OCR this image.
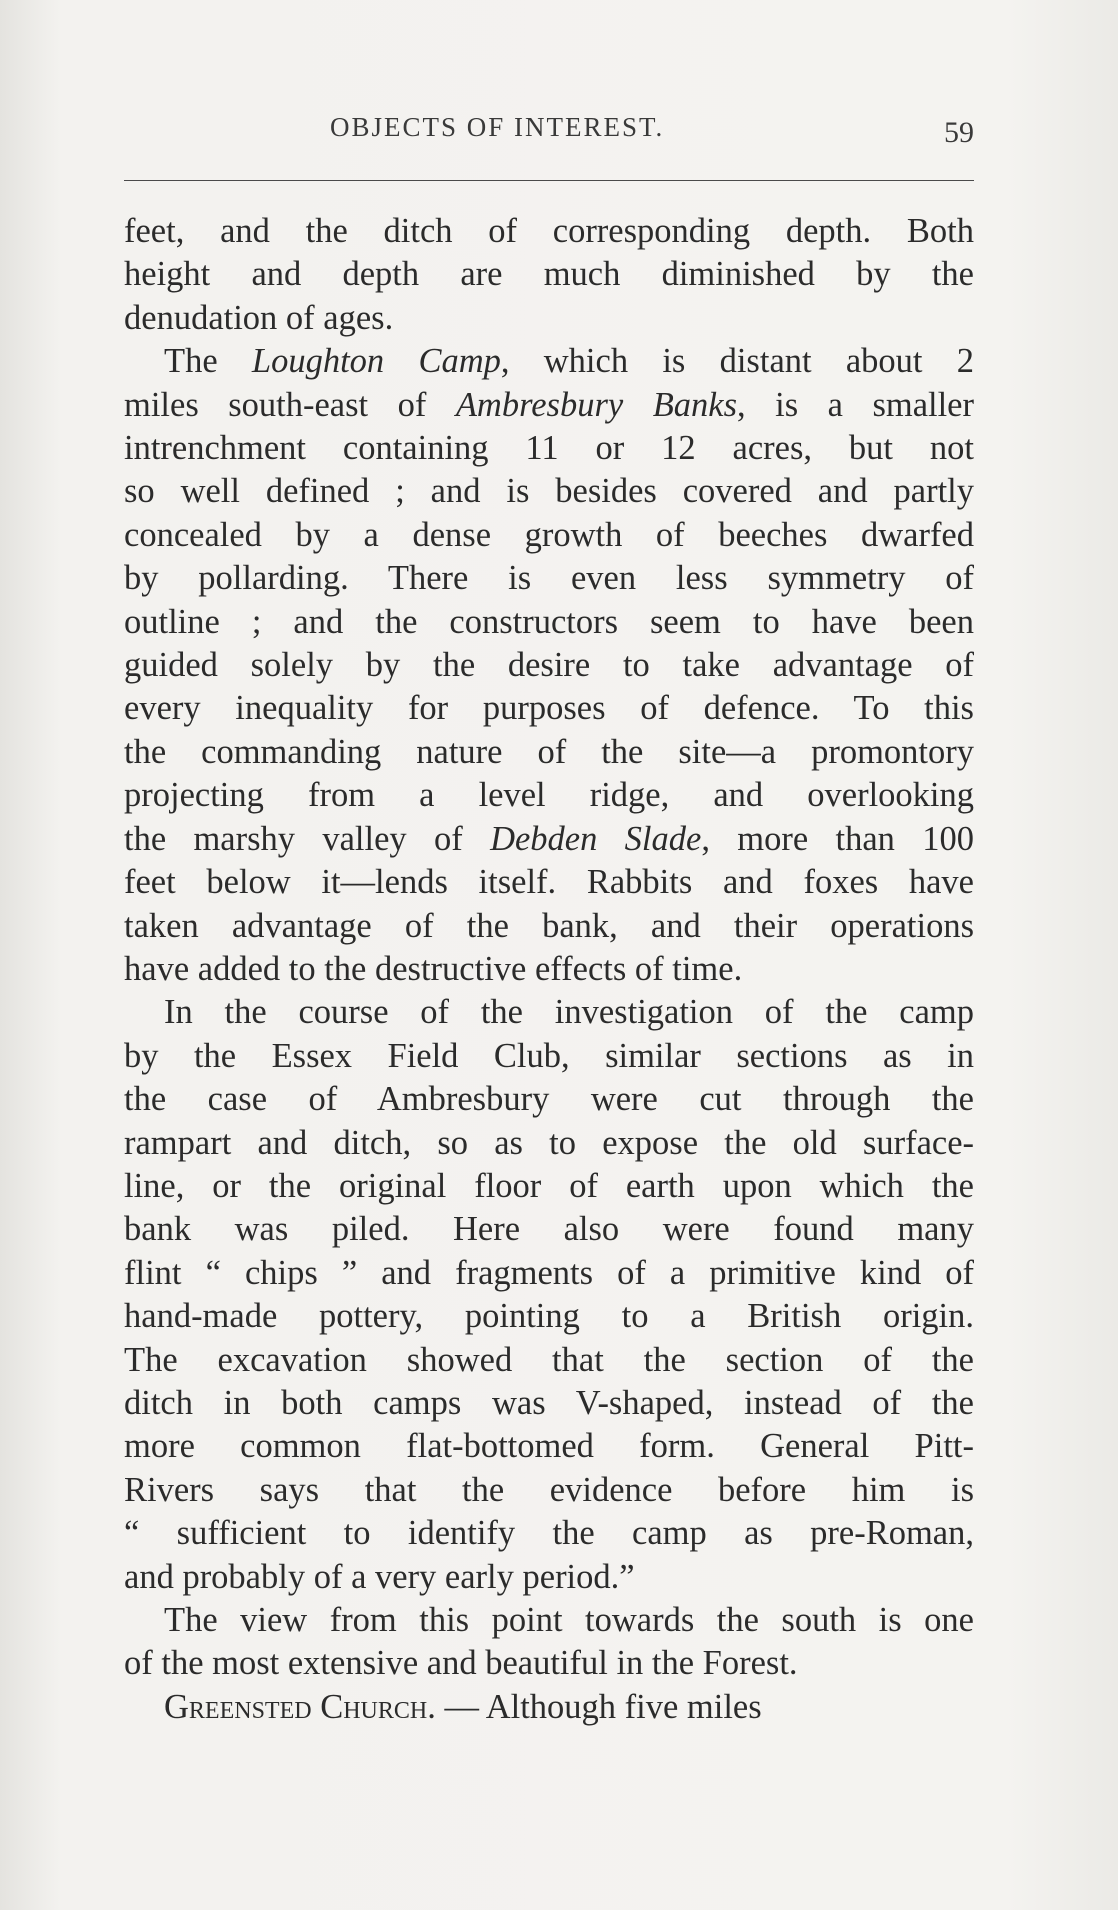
OBJECTS OF INTEREST.	59

feet, and the ditch of corresponding depth. Both
height and depth are much diminished by the
denudation of ages.

The Loughton Camp, which is distant about 2
miles south-east of Ambresbury Banks, is a smaller
intrenchment containing 11 or 12 acres, but not
so well defined ; and is besides covered and partly
concealed by a dense growth of beeches dwarfed
by pollarding. There is even less symmetry of
outline ; and the constructors seem to have been
guided solely by the desire to take advantage of
every inequality for purposes of defence. To this
the commanding nature of the site—a promontory
projecting from a level ridge, and overlooking
the marshy valley of Debden Slade, more than 100
feet below it—lends itself. Rabbits and foxes have
taken advantage of the bank, and their operations
have added to the destructive effects of time.

In the course of the investigation of the camp
by the Essex Field Club, similar sections as in
the case of Ambresbury were cut through the
rampart and ditch, so as to expose the old surface-
line, or the original floor of earth upon which the
bank was piled. Here also were found many
flint “ chips ” and fragments of a primitive kind of
hand-made pottery, pointing to a British origin.
The excavation showed that the section of the
ditch in both camps was V-shaped, instead of the
more common flat-bottomed form. General Pitt-
Rivers says that the evidence before him is
“ sufficient to identify the camp as pre-Roman,
and probably of a very early period.”

The view from this point towards the south is one
of the most extensive and beautiful in the Forest.

Greensted Church. — Although five miles
